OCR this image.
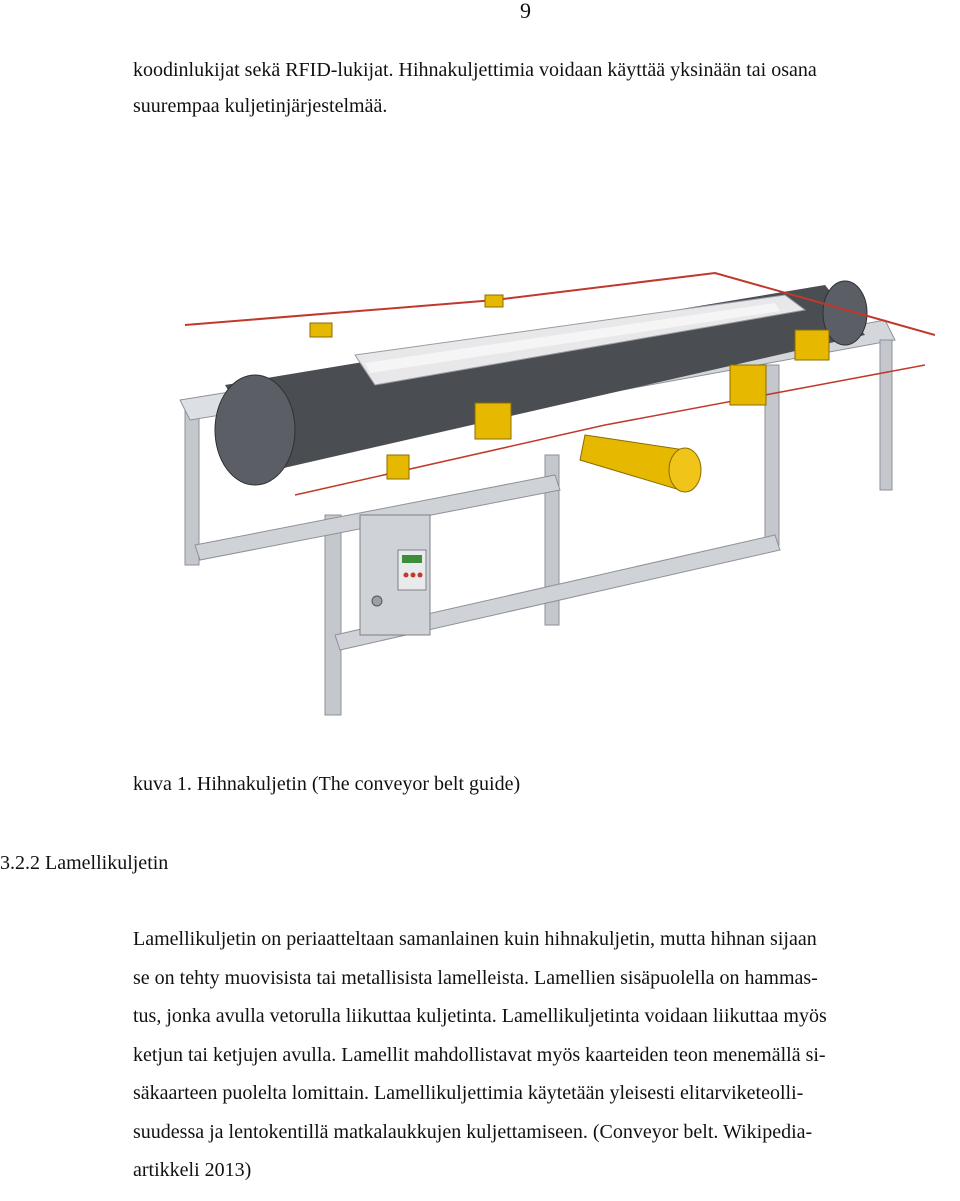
9

koodinlukijat sekä RFID-lukijat. Hihnakuljettimia voidaan käyttää yksinään tai osana

suurempaa kuljetinjärjestelmää.

kuva 1. Hihnakuljetin (The conveyor belt guide)
3.2.2 Lamellikuljetin

Lamellikuljetin on periaatteltaan samanlainen kuin hihnakuljetin, mutta hihnan sijaan

se on tehty muovisista tai metallisista lamelleista. Lamellien sisäpuolella on hammas-

tus, jonka avulla vetorulla liikuttaa kuljetinta. Lamellikuljetinta voidaan liikuttaa myös

ketjun tai ketjujen avulla. Lamellit mahdollistavat myös kaarteiden teon menemällä si-

säkaarteen puolelta lomittain. Lamellikuljettimia käytetään yleisesti elitarviketeolli-

suudessa ja lentokentillä matkalaukkujen kuljettamiseen. (Conveyor belt. Wikipedia-

artikkeli 2013)
